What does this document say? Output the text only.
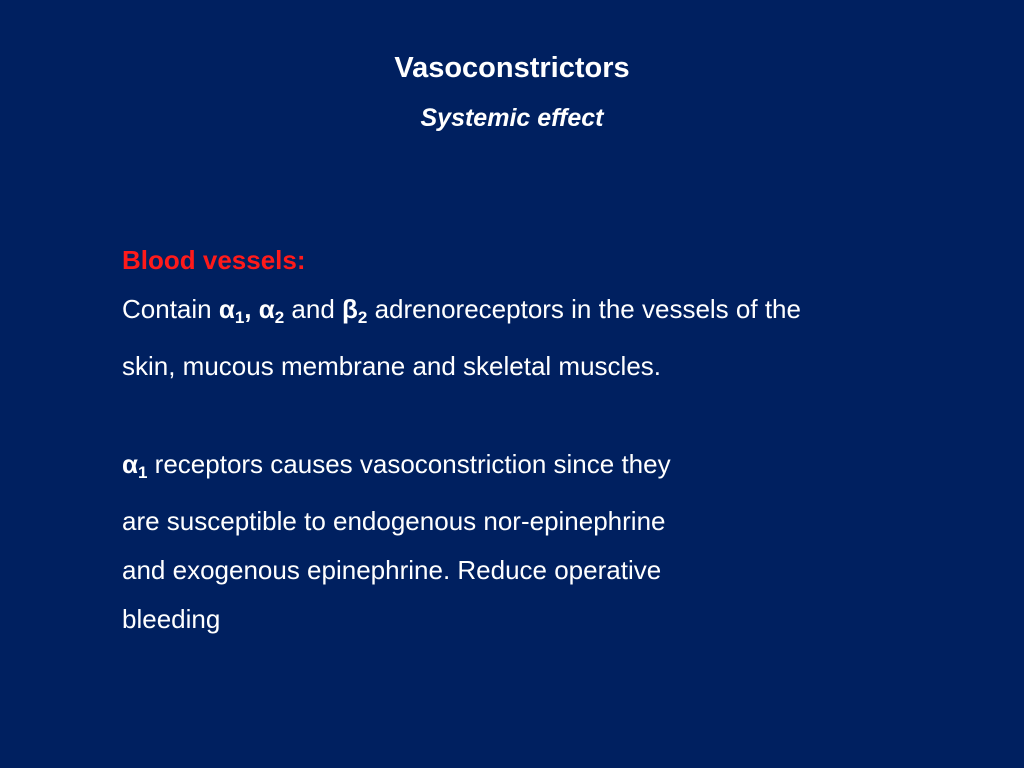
Vasoconstrictors
Systemic effect
Blood vessels:
Contain $\alpha_1$, $\alpha_2$ and $\beta_2$ adrenoreceptors in the vessels of the
skin, mucous membrane and skeletal muscles.
$\alpha_1$ receptors causes vasoconstriction since they
are susceptible to endogenous nor-epinephrine
and exogenous epinephrine. Reduce operative
bleeding
